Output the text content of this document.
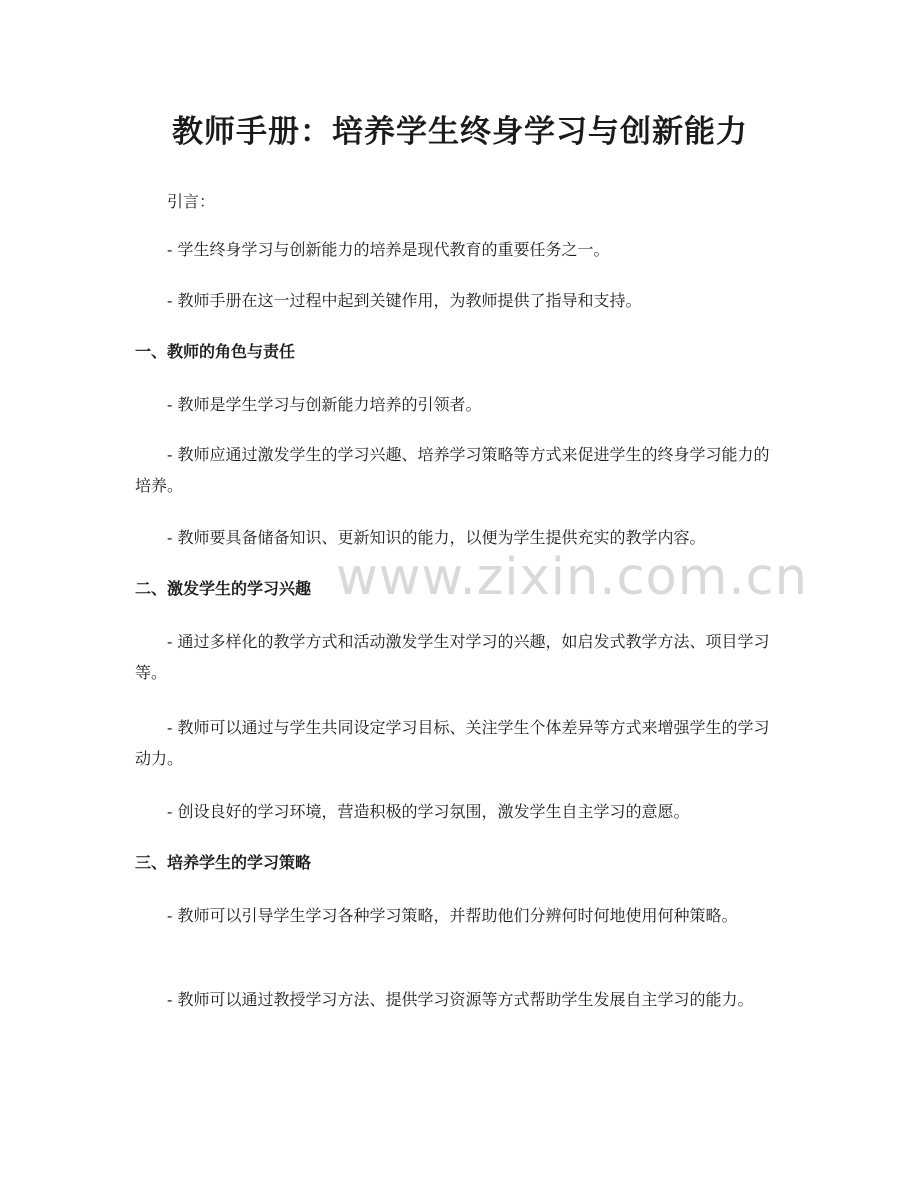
www.zixin.com.cn
教师手册：培养学生终身学习与创新能力

引言：

- 学生终身学习与创新能力的培养是现代教育的重要任务之一。

- 教师手册在这一过程中起到关键作用，为教师提供了指导和支持。

一、教师的角色与责任

- 教师是学生学习与创新能力培养的引领者。

- 教师应通过激发学生的学习兴趣、培养学习策略等方式来促进学生的终身学习能力的培养。

- 教师要具备储备知识、更新知识的能力，以便为学生提供充实的教学内容。

二、激发学生的学习兴趣

- 通过多样化的教学方式和活动激发学生对学习的兴趣，如启发式教学方法、项目学习等。

- 教师可以通过与学生共同设定学习目标、关注学生个体差异等方式来增强学生的学习动力。

- 创设良好的学习环境，营造积极的学习氛围，激发学生自主学习的意愿。

三、培养学生的学习策略

- 教师可以引导学生学习各种学习策略，并帮助他们分辨何时何地使用何种策略。

- 教师可以通过教授学习方法、提供学习资源等方式帮助学生发展自主学习的能力。
